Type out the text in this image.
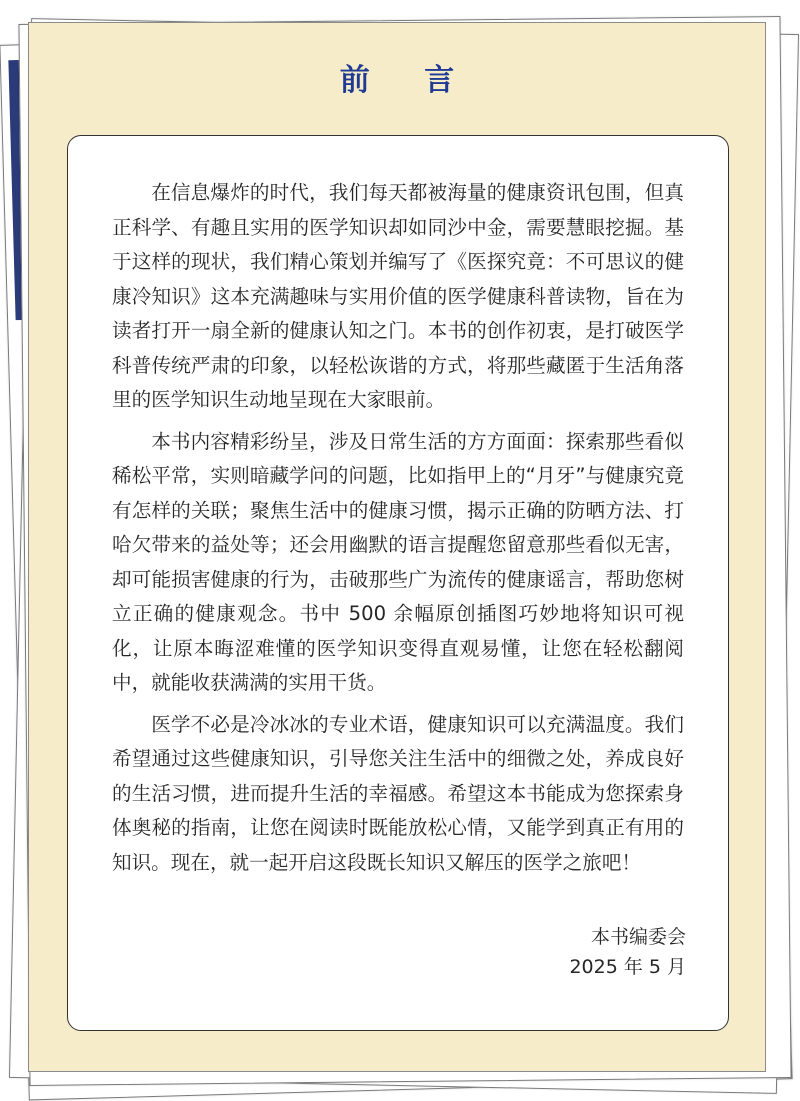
前 言

在信息爆炸的时代，我们每天都被海量的健康资讯包围，但真正科学、有趣且实用的医学知识却如同沙中金，需要慧眼挖掘。基于这样的现状，我们精心策划并编写了《医探究竟：不可思议的健康冷知识》这本充满趣味与实用价值的医学健康科普读物，旨在为读者打开一扇全新的健康认知之门。本书的创作初衷，是打破医学科普传统严肃的印象，以轻松诙谐的方式，将那些藏匿于生活角落里的医学知识生动地呈现在大家眼前。

本书内容精彩纷呈，涉及日常生活的方方面面：探索那些看似稀松平常，实则暗藏学问的问题，比如指甲上的“月牙”与健康究竟有怎样的关联；聚焦生活中的健康习惯，揭示正确的防晒方法、打哈欠带来的益处等；还会用幽默的语言提醒您留意那些看似无害，却可能损害健康的行为，击破那些广为流传的健康谣言，帮助您树立正确的健康观念。书中 500 余幅原创插图巧妙地将知识可视化，让原本晦涩难懂的医学知识变得直观易懂，让您在轻松翻阅中，就能收获满满的实用干货。

医学不必是冷冰冰的专业术语，健康知识可以充满温度。我们希望通过这些健康知识，引导您关注生活中的细微之处，养成良好的生活习惯，进而提升生活的幸福感。希望这本书能成为您探索身体奥秘的指南，让您在阅读时既能放松心情，又能学到真正有用的知识。现在，就一起开启这段既长知识又解压的医学之旅吧！

本书编委会
2025 年 5 月
